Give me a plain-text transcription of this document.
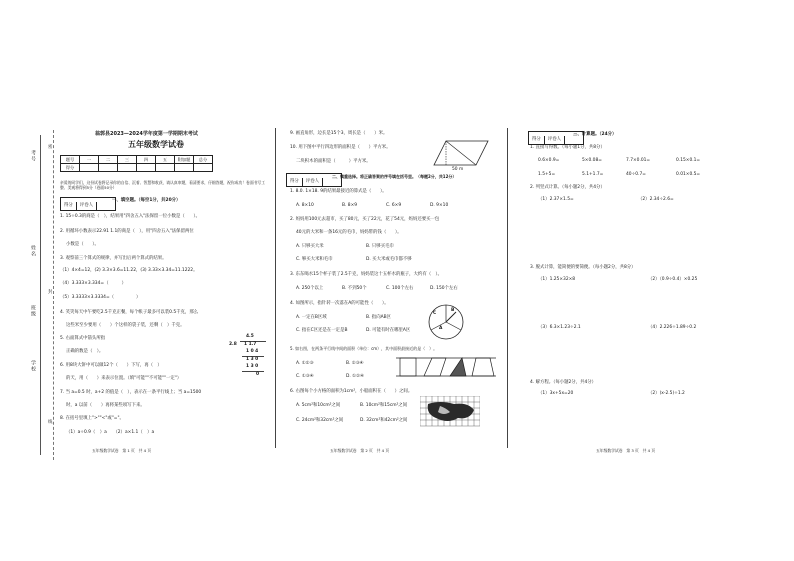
考号
姓名
班级
学校
密
封
线
翁郭县2023—2024学年度第一学期期末考试
五年级数学试卷
题号	一	二	三	四	五	附加题	总分
得分							
亲爱的同学们，这份试卷将记录你的自信、沉着、智慧和收获，请认真审题，看清要求，仔细答题，祝你成功！卷面书写工整、美观将得到5分（卷面50分）
得分 评卷人
一、填空题。（每空1分，共20分）
1. 15÷0.3的商是（　），结果用"四舍五入"法保留一位小数是（　　）。
2. 用循环小数表示22.91 1.1的商是（　），用"四舍五入"法保留两位
小数是（　　）。
3. 观察前三个算式的规律，并写出后两个算式的结果。
（1）4×4=12，(2) 3.3×3.6=11.22，(3) 3.33×3.34=11.1222。
（4）3.333×3.334=（　　　）
（5）3.3333×3.3334=（　　　　　）
4. 笑笑每天中午要吃2.5千克正餐，每个帐子最多可以装0.5千克，那么
这些米至少要用（　　）个这样的袋子装，还剩（　）千克。
5. 右面算式中箭头所指
正确的数是（　）。
6. 用8块大饼中可以做12个（　　）下写，再（　）
的天，用（　　）来表示位置。（填"可能""不可能""一定"）
7. 当 a=0.5 时，a+2 的值是（　），表示在一条平行线上；当 a=1500
时，a 以前（　　）再将某些项写下来。
8. 在括号里填上">""<"或"="。
（1）a÷0.9（　）a　　（2）a×1.1（　）a
4.5
2.8 1 1.7
1 0 4
1 3 0
1 3 0
0
五年级数学试卷　第 1 页　共 4 页
9. 画直角形，边长是15个3，周长是（　　）米。
10. 用下图中平行四边形的面积是（　　）平方米。
二块积木的面积是（　　　）平方米。
50 m
得分 评卷人
二、慎重选择。将正确答案的序号填在括号里。（每题2分，共12分）
1. 8.0. 1×18. 9的结果最接近的算式是（　　）。
A. 8×10	B. 8×9	C. 6×9	D. 9×10
2. 妈妈用100元去超市，买了80元，买了22元，花了54元，妈妈还要买一包
40元的大米和一条16元的毛巾，妈妈带的钱（　　）。
A. 只够买大米	B. 只够买毛巾
C. 够买大米和毛巾	D. 买大米或毛巾都不够
3. 东东喝水15个杯子装了2.5千克，妈妈装这十五杯水的瓶子，大约有（　）。
A. 250个以上	B. 不到50个	C. 100个左右	D. 150个左右
4. 如图所示，指针转一次落在A的可能性（　　）。
A. 一定在B区域	B. 指向AB区
C. 指在C区还是在一定是B	D. 可能有时在哪里A区	A
B
C
5. 如右图，在两条平行线中间的面积（单位：cm），其中面积最接近的是（　）。
A. ①②③	B. ②③④
C. ①③④	D. ①②④
6. 右图每个小方格的面积为1cm²，小船面积在（　　）之间。
A. 5cm²和10cm²之间	B. 10cm²和15cm²之间
C. 24cm²和32cm²之间	D. 32cm²和42cm²之间
五年级数学试卷　第 2 页　共 4 页
得分 评卷人
三、计算题。（24分）
1. 直接写得数。（每小题1分，共8分）
0.6×0.9=	5×0.08=	7.7×0.01=	0.15×0.1=
1.5+5=	5.1+1.7=	40÷0.7=	0.01×0.5=
2. 列竖式计算。（每小题2分，共4分）
（1）2.37×1.5=	（2）2.34÷2.6=
3. 脱式计算，能简便的要简便。（每小题2分，共8分）
（1）1.25×32×8	（2）（0.9÷0.4）×0.25
（3）6.3×1.23÷2.1	（4）2.226÷1.89÷0.2
4. 解方程。（每小题2分，共4分）
（1）3x+5x=20	（2）(x-2.5)÷1.2
五年级数学试卷　第 3 页　共 4 页
